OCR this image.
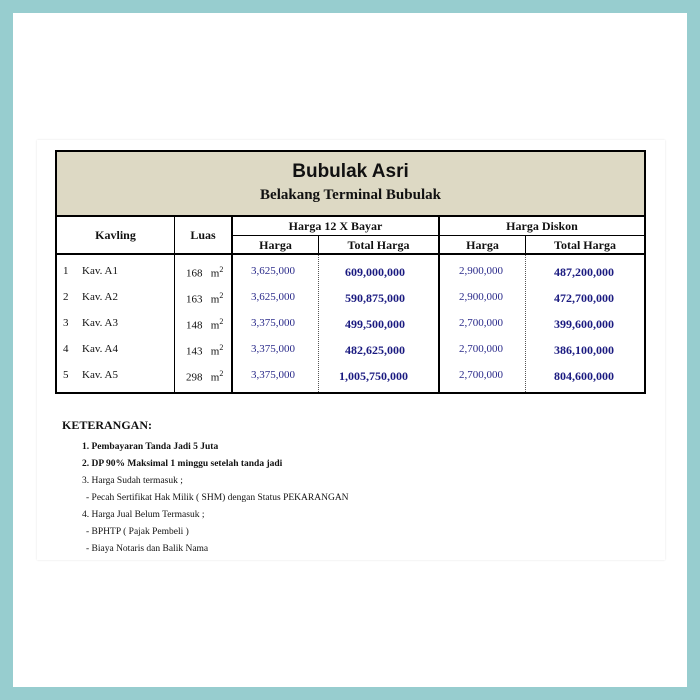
Bubulak Asri
Belakang Terminal Bubulak
Kavling	Luas
Harga 12 X Bayar	Harga Diskon
Harga	Total Harga	Harga	Total Harga
1 Kav. A1	168 $m^2$	3,625,000	609,000,000	2,900,000	487,200,000
2 Kav. A2	163 $m^2$	3,625,000	590,875,000	2,900,000	472,700,000
3 Kav. A3	148 $m^2$	3,375,000	499,500,000	2,700,000	399,600,000
4 Kav. A4	143 $m^2$	3,375,000	482,625,000	2,700,000	386,100,000
5 Kav. A5	298 $m^2$	3,375,000	1,005,750,000	2,700,000	804,600,000
KETERANGAN:
1. Pembayaran Tanda Jadi 5 Juta
2. DP 90% Maksimal 1 minggu setelah tanda jadi
3. Harga Sudah termasuk ;
- Pecah Sertifikat Hak Milik ( SHM) dengan Status PEKARANGAN
4. Harga Jual Belum Termasuk ;
- BPHTP ( Pajak Pembeli )
- Biaya Notaris dan Balik Nama
